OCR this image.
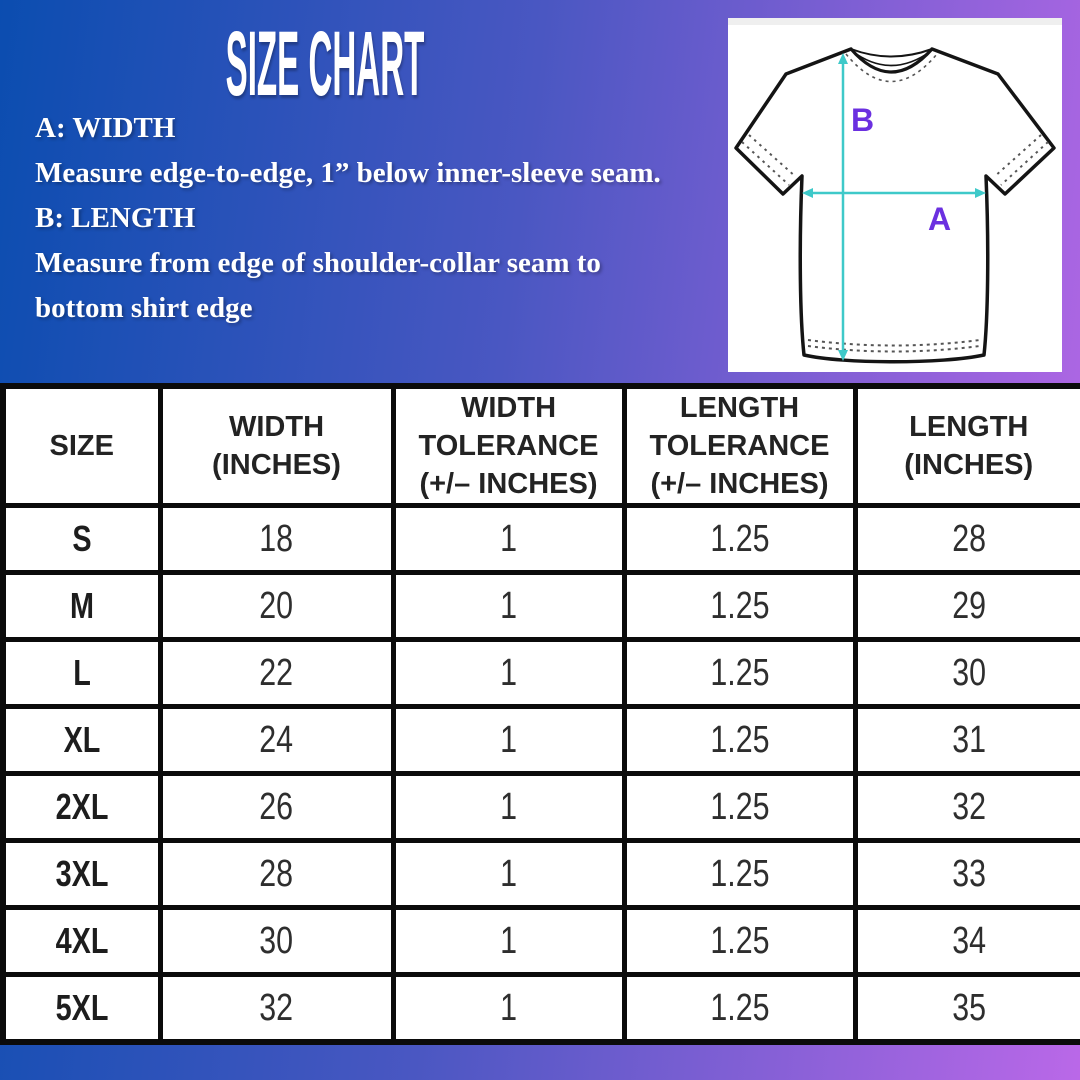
SIZE CHART

A: WIDTH

Measure edge-to-edge, 1” below inner-sleeve seam.

B: LENGTH

Measure from edge of shoulder-collar seam to bottom shirt edge

B
A
SIZE	WIDTH (INCHES)	WIDTH TOLERANCE (+/– INCHES)	LENGTH TOLERANCE (+/– INCHES)	LENGTH (INCHES)
S	18	1	1.25	28
M	20	1	1.25	29
L	22	1	1.25	30
XL	24	1	1.25	31
2XL	26	1	1.25	32
3XL	28	1	1.25	33
4XL	30	1	1.25	34
5XL	32	1	1.25	35
